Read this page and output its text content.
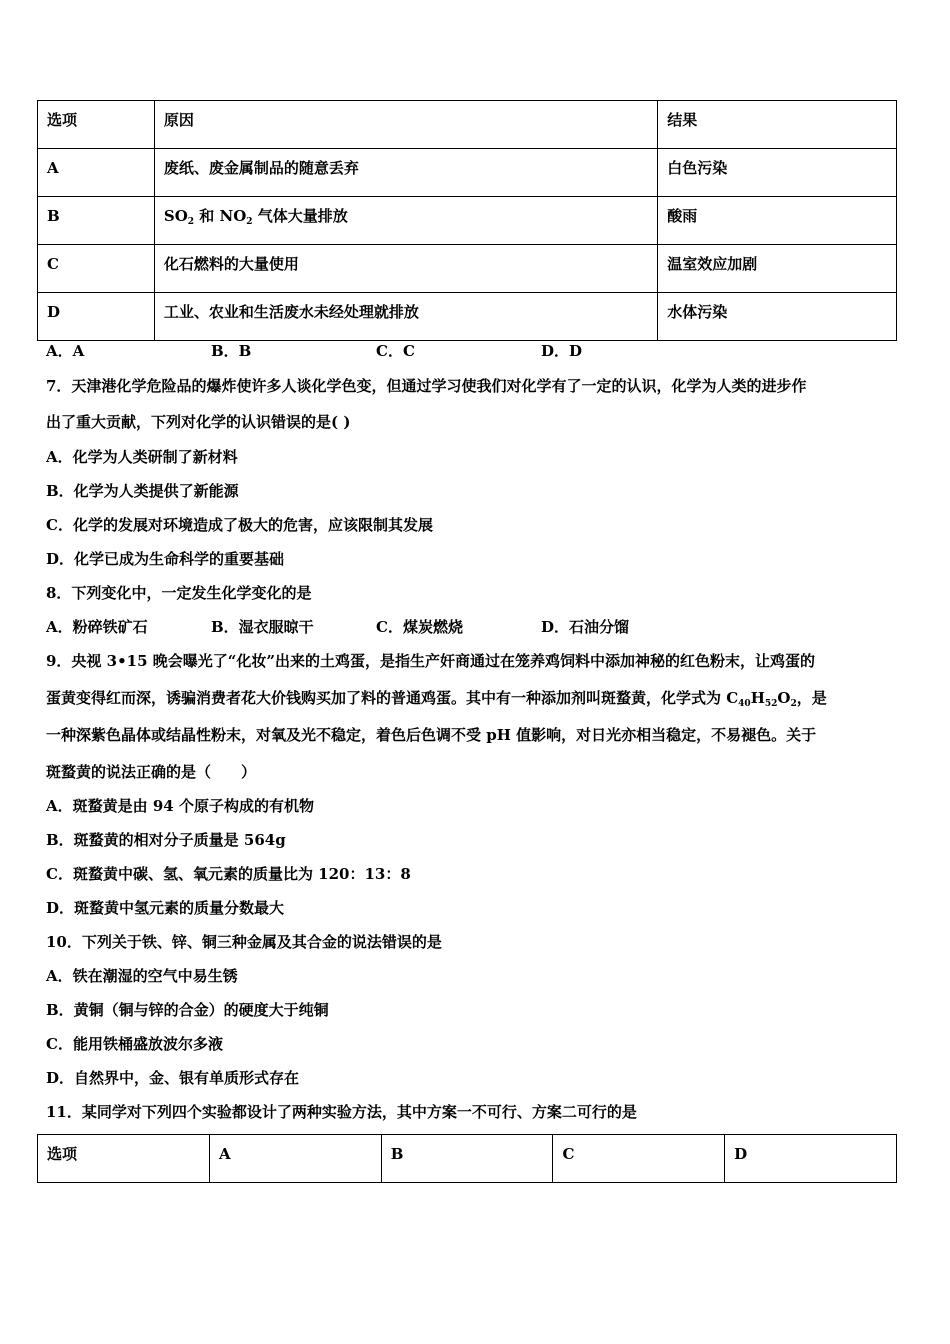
选项	原因	结果
A	废纸、废金属制品的随意丢弃	白色污染
B	$SO_2$ 和 $NO_2$ 气体大量排放	酸雨
C	化石燃料的大量使用	温室效应加剧
D	工业、农业和生活废水未经处理就排放	水体污染
A．A	B．B	C．C	D．D
7．天津港化学危险品的爆炸使许多人谈化学色变，但通过学习使我们对化学有了一定的认识，化学为人类的进步作
出了重大贡献，下列对化学的认识错误的是( )
A．化学为人类研制了新材料
B．化学为人类提供了新能源
C．化学的发展对环境造成了极大的危害，应该限制其发展
D．化学已成为生命科学的重要基础
8．下列变化中，一定发生化学变化的是
A．粉碎铁矿石	B．湿衣服晾干	C．煤炭燃烧	D．石油分馏
9．央视 3•15 晚会曝光了“化妆”出来的土鸡蛋，是指生产奸商通过在笼养鸡饲料中添加神秘的红色粉末，让鸡蛋的
蛋黄变得红而深，诱骗消费者花大价钱购买加了料的普通鸡蛋。其中有一种添加剂叫斑蝥黄，化学式为 $C_{40}H_{52}O_2$，是
一种深紫色晶体或结晶性粉末，对氧及光不稳定，着色后色调不受 pH 值影响，对日光亦相当稳定，不易褪色。关于
斑蝥黄的说法正确的是（　　）
A．斑蝥黄是由 94 个原子构成的有机物
B．斑蝥黄的相对分子质量是 564g
C．斑蝥黄中碳、氢、氧元素的质量比为 120：13：8
D．斑蝥黄中氢元素的质量分数最大
10．下列关于铁、锌、铜三种金属及其合金的说法错误的是
A．铁在潮湿的空气中易生锈
B．黄铜（铜与锌的合金）的硬度大于纯铜
C．能用铁桶盛放波尔多液
D．自然界中，金、银有单质形式存在
11．某同学对下列四个实验都设计了两种实验方法，其中方案一不可行、方案二可行的是
选项	A	B	C	D
